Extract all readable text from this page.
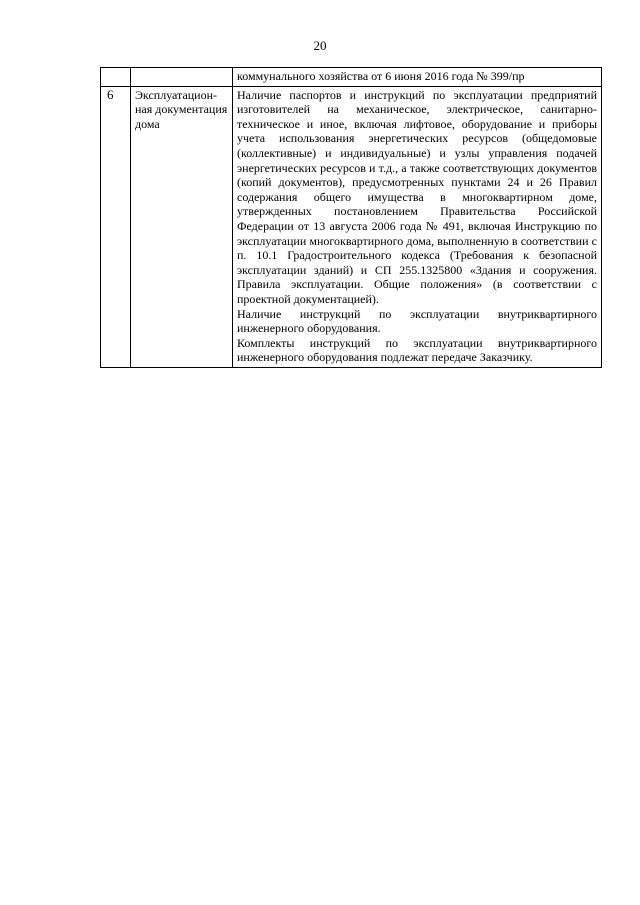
20
		коммунального хозяйства от 6 июня 2016 года № 399/пр
6	Эксплуатационная документация дома	Наличие паспортов и инструкций по эксплуатации предприятий изготовителей на механическое, электрическое, санитарно-техническое и иное, включая лифтовое, оборудование и приборы учета использования энергетических ресурсов (общедомовые (коллективные) и индивидуальные) и узлы управления подачей энергетических ресурсов и т.д., а также соответствующих документов (копий документов), предусмотренных пунктами 24 и 26 Правил содержания общего имущества в многоквартирном доме, утвержденных постановлением Правительства Российской Федерации от 13 августа 2006 года № 491, включая Инструкцию по эксплуатации многоквартирного дома, выполненную в соответствии с п. 10.1 Градостроительного кодекса (Требования к безопасной эксплуатации зданий) и СП 255.1325800 «Здания и сооружения. Правила эксплуатации. Общие положения» (в соответствии с проектной документацией).
Наличие инструкций по эксплуатации внутриквартирного инженерного оборудования.
Комплекты инструкций по эксплуатации внутриквартирного инженерного оборудования подлежат передаче Заказчику.
